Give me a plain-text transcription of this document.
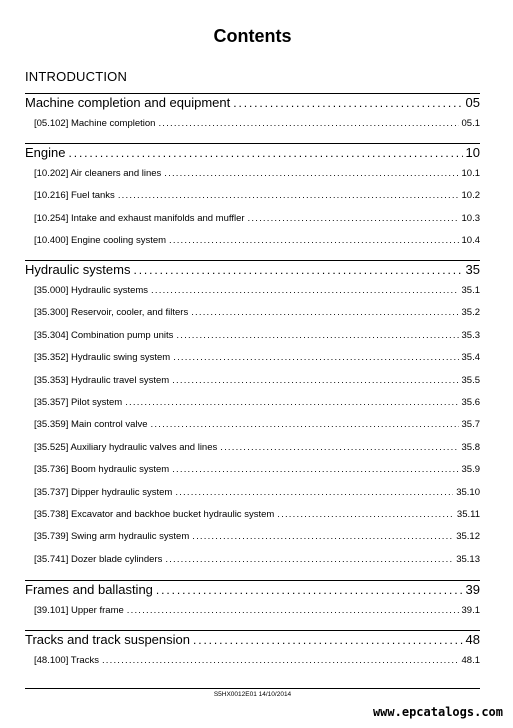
Contents
INTRODUCTION
Machine completion and equipment .....	05
[05.102] Machine completion .....	05.1
Engine .....	10
[10.202] Air cleaners and lines .....	10.1
[10.216] Fuel tanks .....	10.2
[10.254] Intake and exhaust manifolds and muffler .....	10.3
[10.400] Engine cooling system .....	10.4
Hydraulic systems .....	35
[35.000] Hydraulic systems .....	35.1
[35.300] Reservoir, cooler, and filters .....	35.2
[35.304] Combination pump units .....	35.3
[35.352] Hydraulic swing system .....	35.4
[35.353] Hydraulic travel system .....	35.5
[35.357] Pilot system .....	35.6
[35.359] Main control valve .....	35.7
[35.525] Auxiliary hydraulic valves and lines .....	35.8
[35.736] Boom hydraulic system .....	35.9
[35.737] Dipper hydraulic system .....	35.10
[35.738] Excavator and backhoe bucket hydraulic system .....	35.11
[35.739] Swing arm hydraulic system .....	35.12
[35.741] Dozer blade cylinders .....	35.13
Frames and ballasting .....	39
[39.101] Upper frame .....	39.1
Tracks and track suspension .....	48
[48.100] Tracks .....	48.1
S5HX0012E01 14/10/2014
www.epcatalogs.com
